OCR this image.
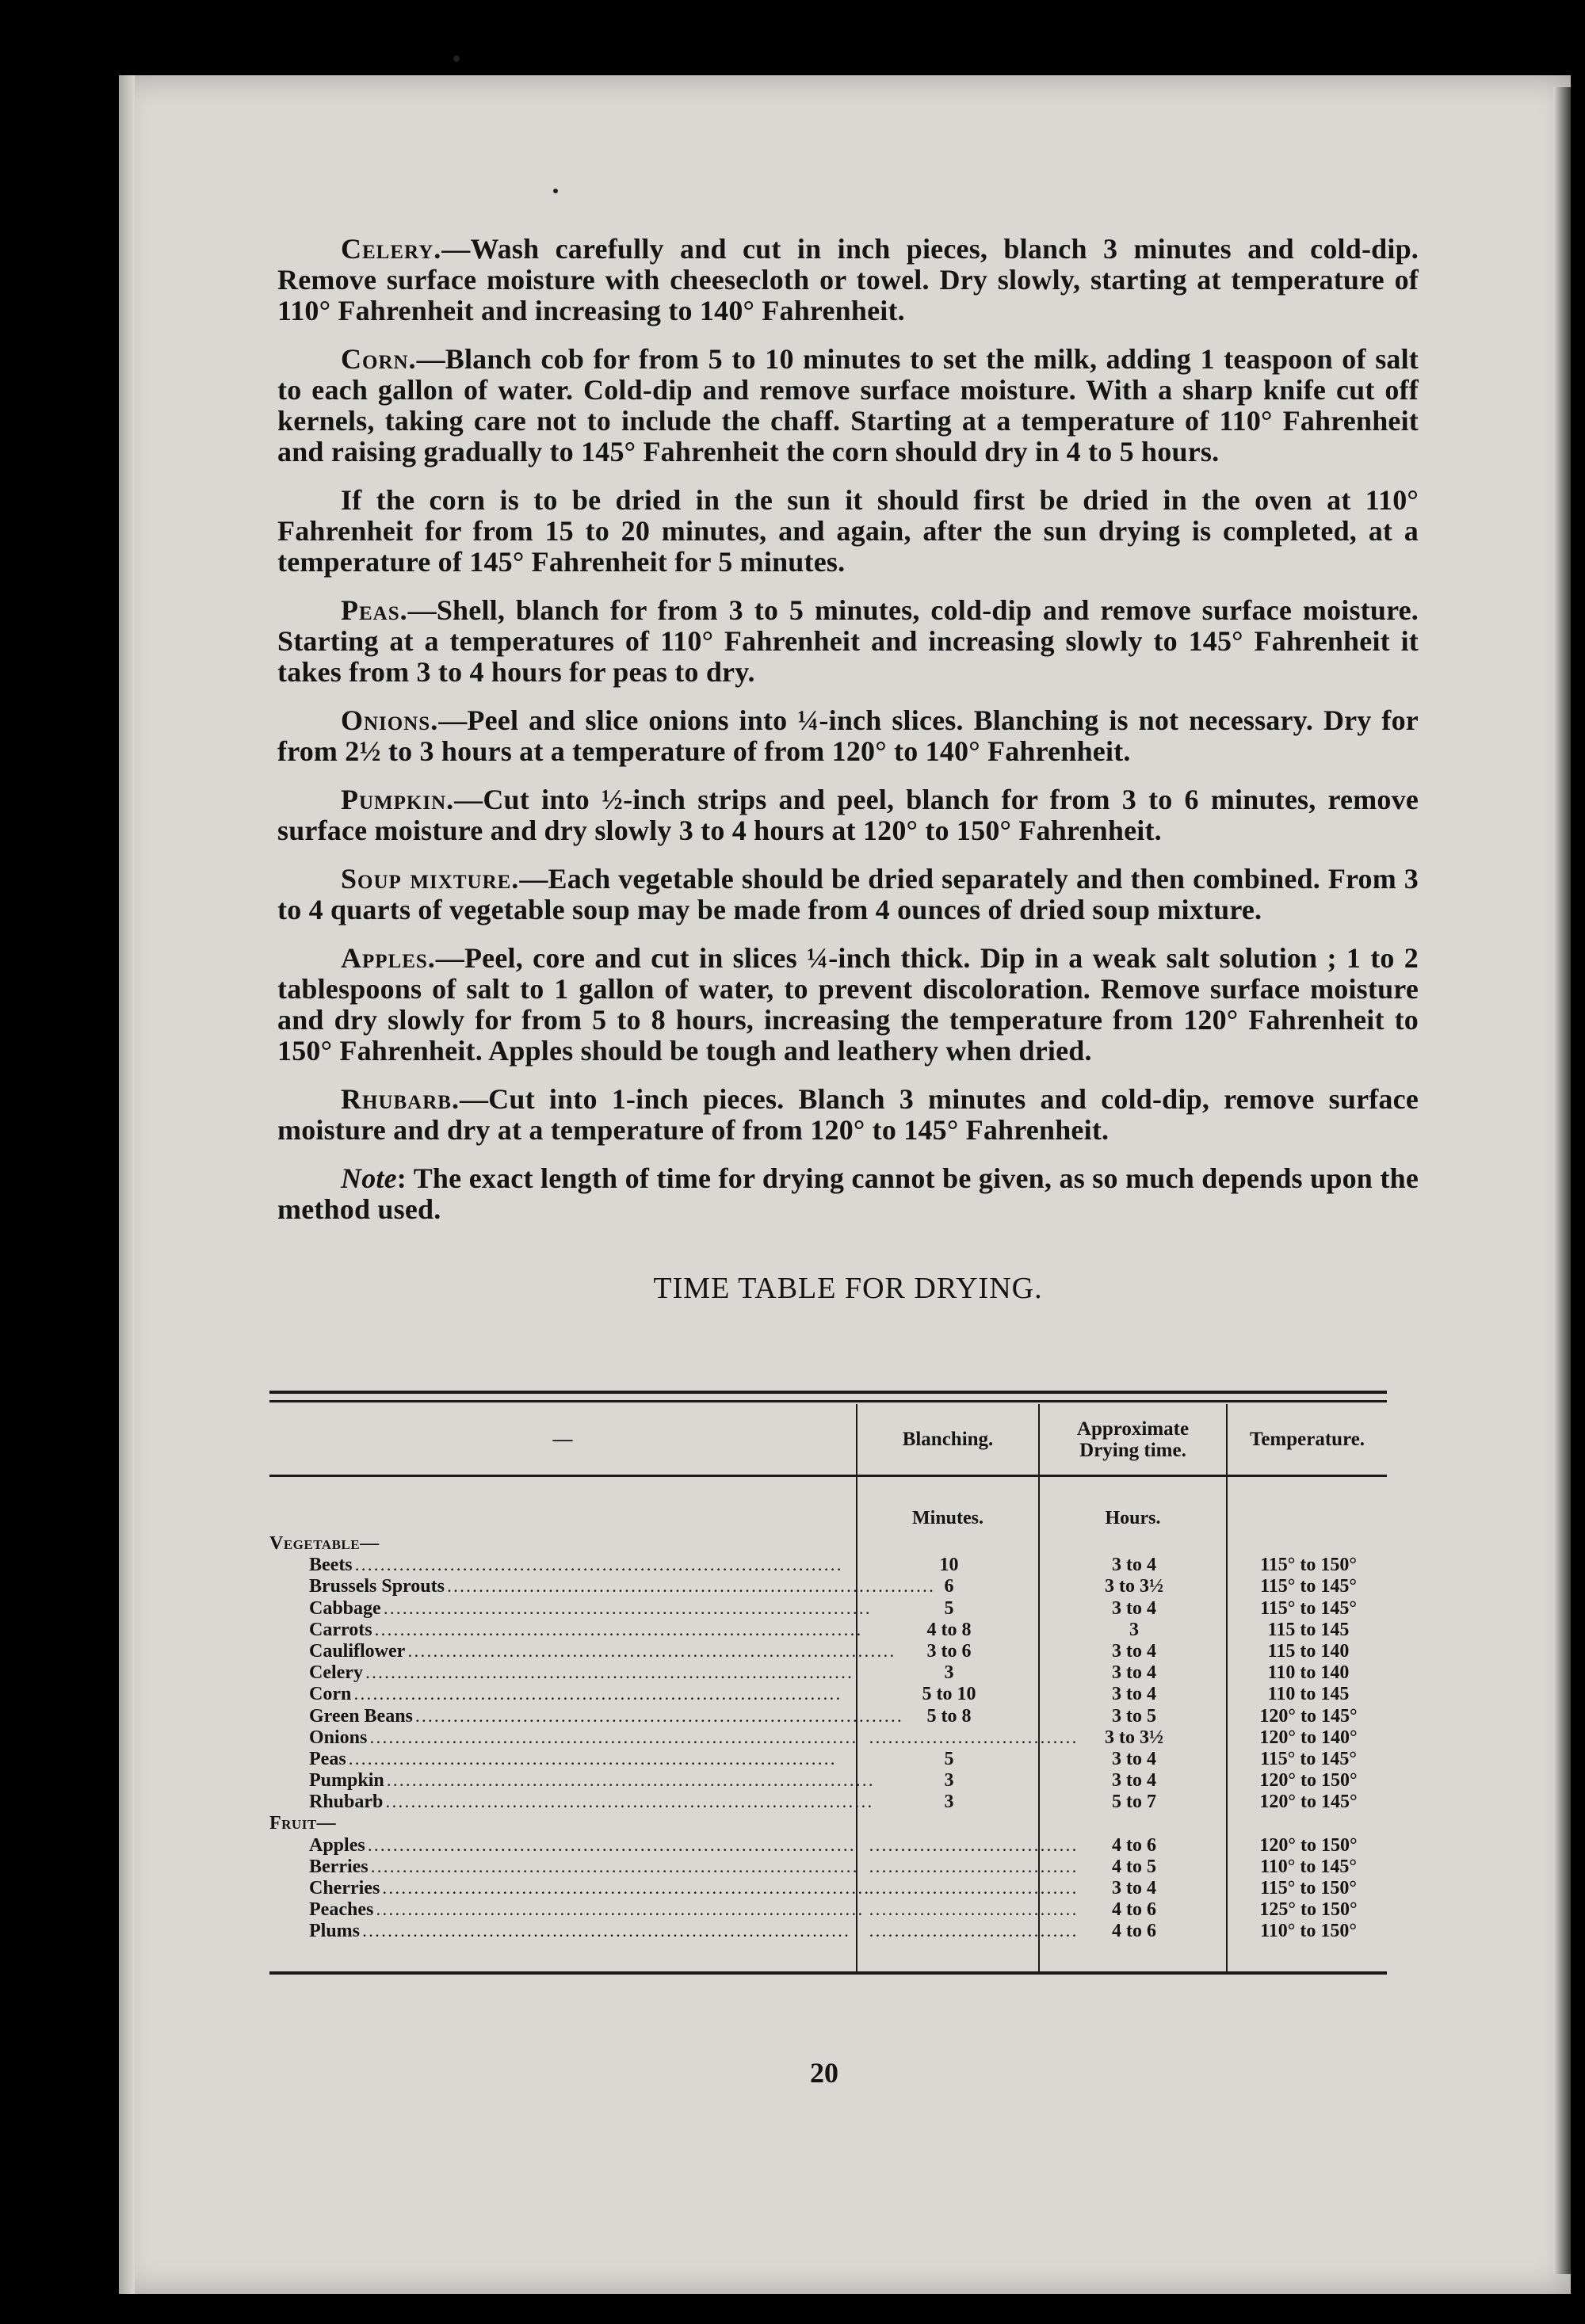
Celery.—Wash carefully and cut in inch pieces, blanch 3 minutes and cold-dip. Remove surface moisture with cheesecloth or towel. Dry slowly, starting at temperature of 110° Fahrenheit and increasing to 140° Fahrenheit.

Corn.—Blanch cob for from 5 to 10 minutes to set the milk, adding 1 teaspoon of salt to each gallon of water. Cold-dip and remove surface moisture. With a sharp knife cut off kernels, taking care not to include the chaff. Starting at a temperature of 110° Fahrenheit and raising gradually to 145° Fahrenheit the corn should dry in 4 to 5 hours.

If the corn is to be dried in the sun it should first be dried in the oven at 110° Fahrenheit for from 15 to 20 minutes, and again, after the sun drying is completed, at a temperature of 145° Fahrenheit for 5 minutes.

Peas.—Shell, blanch for from 3 to 5 minutes, cold-dip and remove surface moisture. Starting at a temperatures of 110° Fahrenheit and increasing slowly to 145° Fahrenheit it takes from 3 to 4 hours for peas to dry.

Onions.—Peel and slice onions into ¼-inch slices. Blanching is not necessary. Dry for from 2½ to 3 hours at a temperature of from 120° to 140° Fahrenheit.

Pumpkin.—Cut into ½-inch strips and peel, blanch for from 3 to 6 minutes, remove surface moisture and dry slowly 3 to 4 hours at 120° to 150° Fahrenheit.

Soup mixture.—Each vegetable should be dried separately and then combined. From 3 to 4 quarts of vegetable soup may be made from 4 ounces of dried soup mixture.

Apples.—Peel, core and cut in slices ¼-inch thick. Dip in a weak salt solution ; 1 to 2 tablespoons of salt to 1 gallon of water, to prevent discoloration. Remove surface moisture and dry slowly for from 5 to 8 hours, increasing the temperature from 120° Fahrenheit to 150° Fahrenheit. Apples should be tough and leathery when dried.

Rhubarb.—Cut into 1-inch pieces. Blanch 3 minutes and cold-dip, remove surface moisture and dry at a temperature of from 120° to 145° Fahrenheit.

Note: The exact length of time for drying cannot be given, as so much depends upon the method used.

TIME TABLE FOR DRYING.
—	Blanching.	Approximate
Drying time.	Temperature.
Minutes.	Hours.
Vegetable—
Beets . . .	10	3 to 4	115° to 150°
Brussels Sprouts . . .	6	3 to 3½	115° to 145°
Cabbage . . .	5	3 to 4	115° to 145°
Carrots . . .	4 to 8	3	115 to 145
Cauliflower . . .	3 to 6	3 to 4	115 to 140
Celery . . .	3	3 to 4	110 to 140
Corn . . .	5 to 10	3 to 4	110 to 145
Green Beans . . .	5 to 8	3 to 5	120° to 145°
Onions . . .	. . . . . . . . . . . . . . . . . . . . . . . . . . . . . . . . .	3 to 3½	120° to 140°
Peas . . .	5	3 to 4	115° to 145°
Pumpkin . . .	3	3 to 4	120° to 150°
Rhubarb . . .	3	5 to 7	120° to 145°
Fruit—
Apples . . .	. . . . . . . . . . . . . . . . . . . . . . . . . . . . . . . . .	4 to 6	120° to 150°
Berries . . .	. . . . . . . . . . . . . . . . . . . . . . . . . . . . . . . . .	4 to 5	110° to 145°
Cherries . . .	. . . . . . . . . . . . . . . . . . . . . . . . . . . . . . . . .	3 to 4	115° to 150°
Peaches . . .	. . . . . . . . . . . . . . . . . . . . . . . . . . . . . . . . .	4 to 6	125° to 150°
Plums . . .	. . . . . . . . . . . . . . . . . . . . . . . . . . . . . . . . .	4 to 6	110° to 150°
20
